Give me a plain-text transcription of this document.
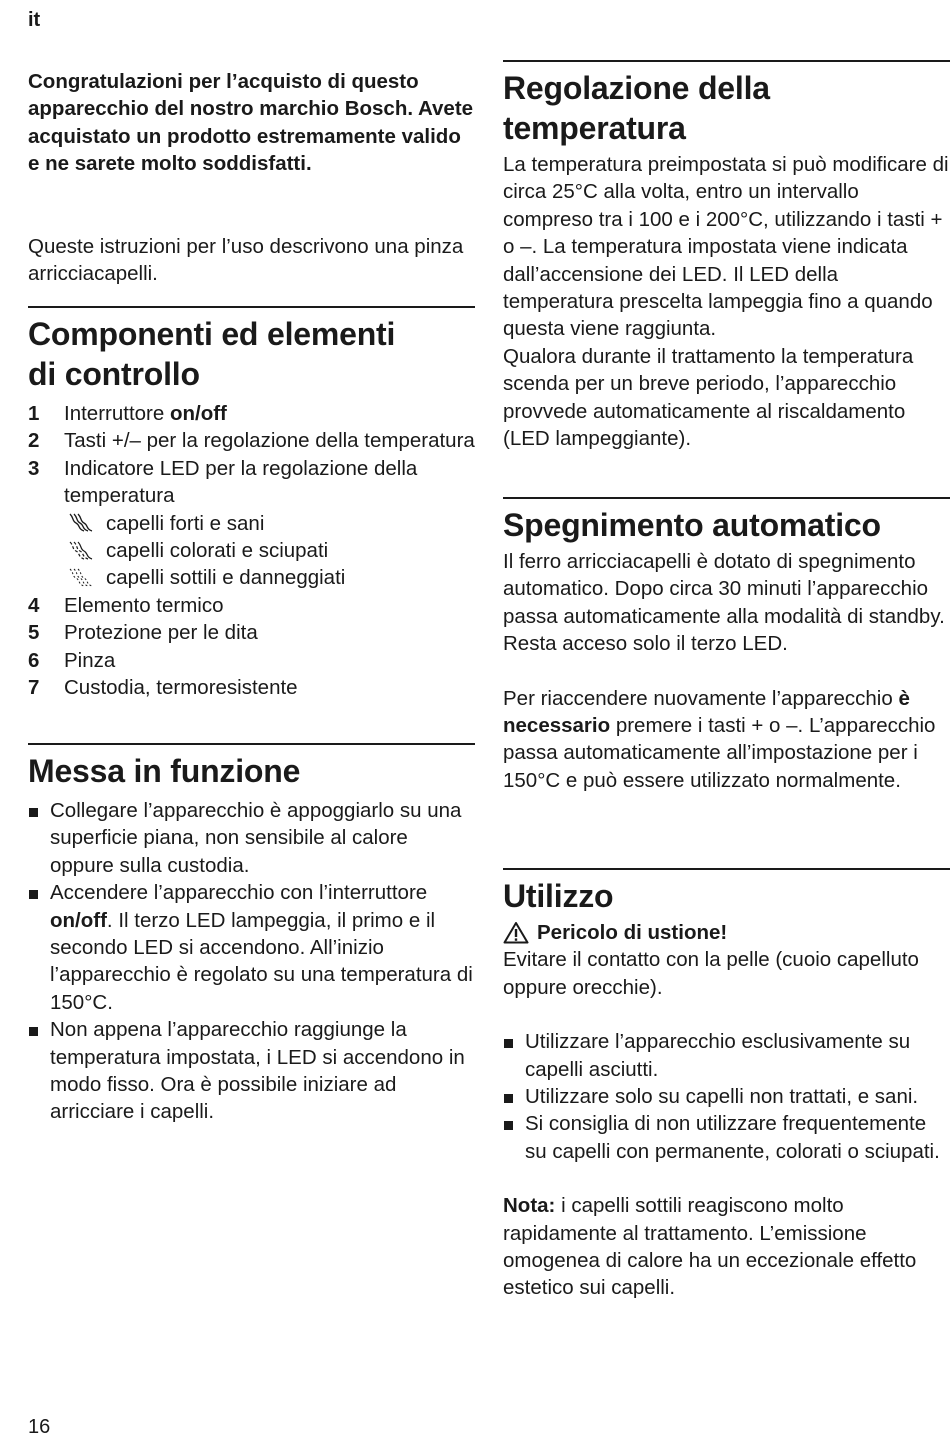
it

Congratulazioni per l’acquisto di questo apparecchio del nostro marchio Bosch. Avete acquistato un prodotto estremamente valido e ne sarete molto soddisfatti.

Queste istruzioni per l’uso descrivono una pinza arricciacapelli.

Componenti ed elementi
di controllo
1	Interruttore on/off
2	Tasti +/– per la regolazione della temperatura
3	Indicatore LED per la regolazione della temperatura
capelli forti e sani
capelli colorati e sciupati
capelli sottili e danneggiati
4	Elemento termico
5	Protezione per le dita
6	Pinza
7	Custodia, termoresistente
Messa in funzione
Collegare l’apparecchio è appoggiarlo su una superficie piana, non sensibile al calore oppure sulla custodia.
Accendere l’apparecchio con l’interruttore on/off. Il terzo LED lampeggia, il primo e il secondo LED si accendono. All’inizio l’apparecchio è regolato su una temperatura di 150°C.
Non appena l’apparecchio raggiunge la temperatura impostata, i LED si accendono in modo fisso. Ora è possibile iniziare ad arricciare i capelli.
Regolazione della
temperatura

La temperatura preimpostata si può modificare di circa 25°C alla volta, entro un intervallo compreso tra i 100 e i 200°C, utilizzando i tasti + o –. La temperatura impostata viene indicata dall’accensione dei LED. Il LED della temperatura prescelta lampeggia fino a quando questa viene raggiunta.

Qualora durante il trattamento la temperatura scenda per un breve periodo, l’apparecchio provvede automaticamente al riscaldamento (LED lampeggiante).

Spegnimento automatico

Il ferro arricciacapelli è dotato di spegnimento automatico. Dopo circa 30 minuti l’apparecchio passa automaticamente alla modalità di standby. Resta acceso solo il terzo LED.

Per riaccendere nuovamente l’apparecchio è necessario premere i tasti + o –. L’apparecchio passa automaticamente all’impostazione per i 150°C e può essere utilizzato normalmente.

Utilizzo
Pericolo di ustione!

Evitare il contatto con la pelle (cuoio capelluto oppure orecchie).

Utilizzare l’apparecchio esclusivamente su capelli asciutti.
Utilizzare solo su capelli non trattati, e sani.
Si consiglia di non utilizzare frequentemente su capelli con permanente, colorati o sciupati.

Nota: i capelli sottili reagiscono molto rapidamente al trattamento. L’emissione omogenea di calore ha un eccezionale effetto estetico sui capelli.

16
